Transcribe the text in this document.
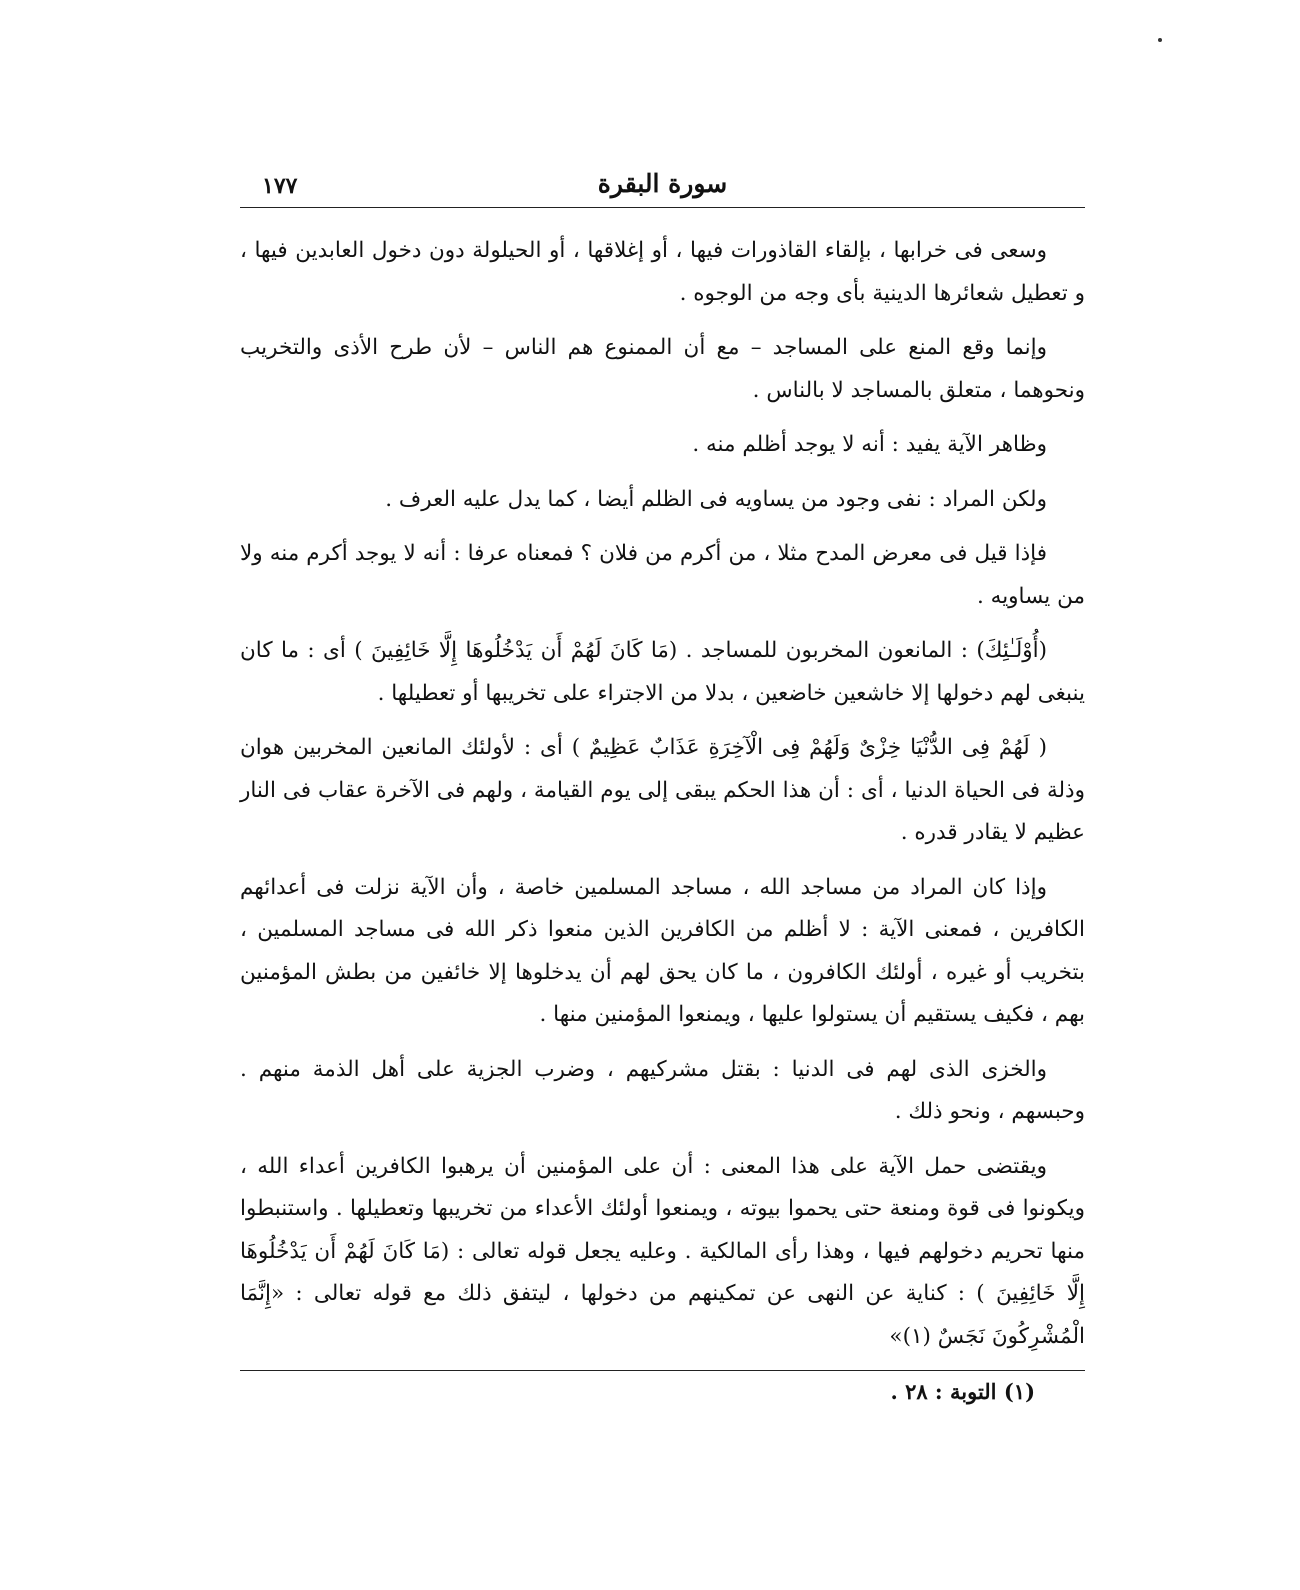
سورة البقرة
١٧٧

وسعى فى خرابها ، بإلقاء القاذورات فيها ، أو إغلاقها ، أو الحيلولة دون دخول العابدين فيها ، و تعطيل شعائرها الدينية بأى وجه من الوجوه .

وإنما وقع المنع على المساجد – مع أن الممنوع هم الناس – لأن طرح الأذى والتخريب ونحوهما ، متعلق بالمساجد لا بالناس .

وظاهر الآية يفيد : أنه لا يوجد أظلم منه .

ولكن المراد : نفى وجود من يساويه فى الظلم أيضا ، كما يدل عليه العرف .

فإذا قيل فى معرض المدح مثلا ، من أكرم من فلان ؟ فمعناه عرفا : أنه لا يوجد أكرم منه ولا من يساويه .

(أُوْلَـٰئِكَ) : المانعون المخربون للمساجد . (مَا كَانَ لَهُمْ أَن يَدْخُلُوهَا إِلَّا خَائِفِينَ ) أى : ما كان ينبغى لهم دخولها إلا خاشعين خاضعين ، بدلا من الاجتراء على تخريبها أو تعطيلها .

( لَهُمْ فِى الدُّنْيَا خِزْىٌ وَلَهُمْ فِى الْآخِرَةِ عَذَابٌ عَظِيمٌ ) أى : لأولئك المانعين المخربين هوان وذلة فى الحياة الدنيا ، أى : أن هذا الحكم يبقى إلى يوم القيامة ، ولهم فى الآخرة عقاب فى النار عظيم لا يقادر قدره .

وإذا كان المراد من مساجد الله ، مساجد المسلمين خاصة ، وأن الآية نزلت فى أعدائهم الكافرين ، فمعنى الآية : لا أظلم من الكافرين الذين منعوا ذكر الله فى مساجد المسلمين ، بتخريب أو غيره ، أولئك الكافرون ، ما كان يحق لهم أن يدخلوها إلا خائفين من بطش المؤمنين بهم ، فكيف يستقيم أن يستولوا عليها ، ويمنعوا المؤمنين منها .

والخزى الذى لهم فى الدنيا : بقتل مشركيهم ، وضرب الجزية على أهل الذمة منهم . وحبسهم ، ونحو ذلك .

ويقتضى حمل الآية على هذا المعنى : أن على المؤمنين أن يرهبوا الكافرين أعداء الله ، ويكونوا فى قوة ومنعة حتى يحموا بيوته ، ويمنعوا أولئك الأعداء من تخريبها وتعطيلها . واستنبطوا منها تحريم دخولهم فيها ، وهذا رأى المالكية . وعليه يجعل قوله تعالى : (مَا كَانَ لَهُمْ أَن يَدْخُلُوهَا إِلَّا خَائِفِينَ ) : كناية عن النهى عن تمكينهم من دخولها ، ليتفق ذلك مع قوله تعالى : «إِنَّمَا الْمُشْرِكُونَ نَجَسٌ (١)»

(١) التوبة : ٢٨ .
